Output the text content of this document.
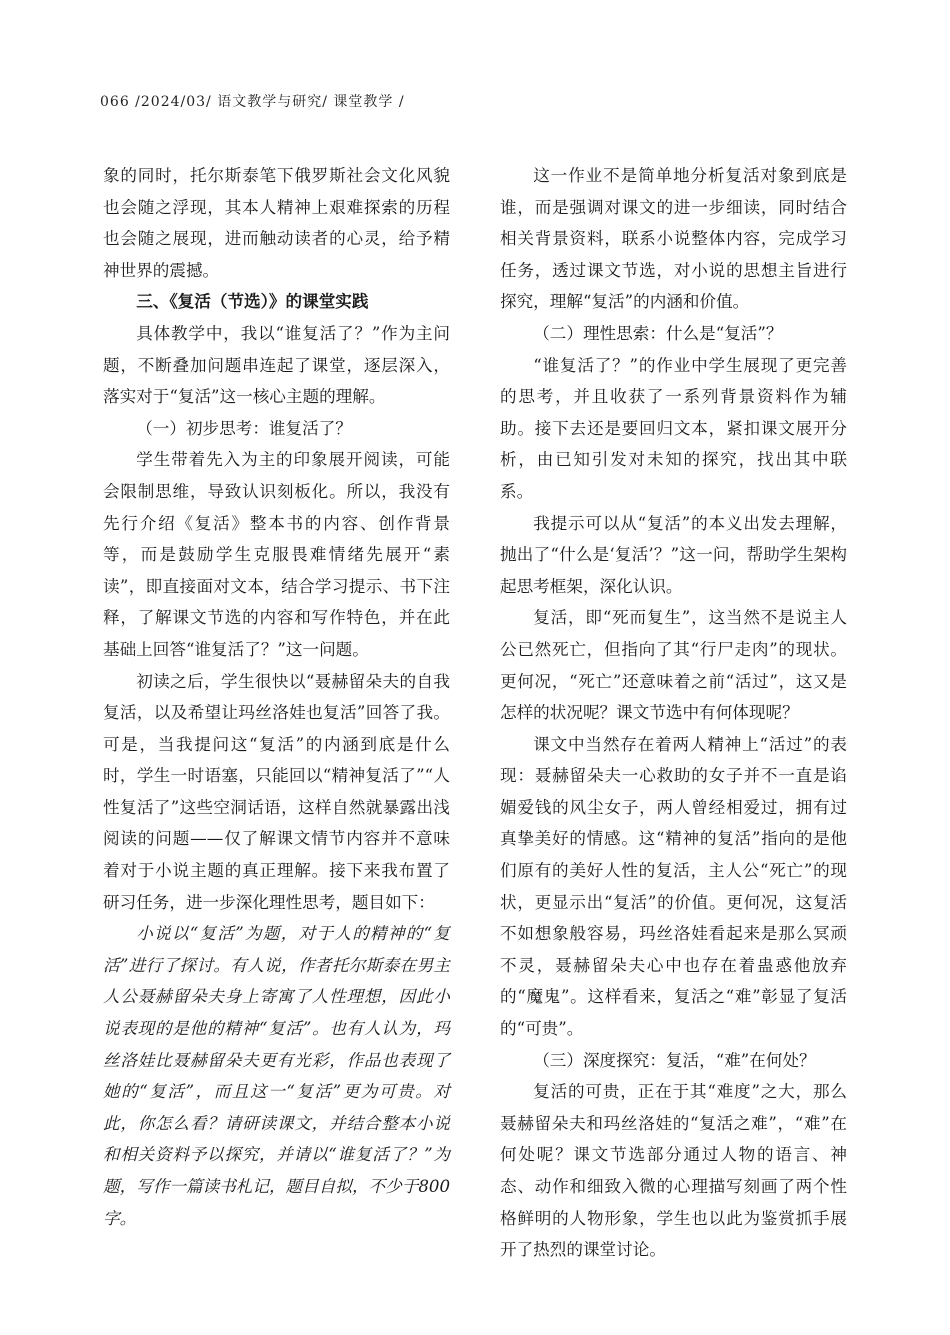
066 /2024/03/ 语文教学与研究/ 课堂教学 /

象的同时，托尔斯泰笔下俄罗斯社会文化风貌也会随之浮现，其本人精神上艰难探索的历程也会随之展现，进而触动读者的心灵，给予精神世界的震撼。

三、《复活（节选）》的课堂实践

具体教学中，我以“谁复活了？”作为主问题，不断叠加问题串连起了课堂，逐层深入，落实对于“复活”这一核心主题的理解。

（一）初步思考：谁复活了？

学生带着先入为主的印象展开阅读，可能会限制思维，导致认识刻板化。所以，我没有先行介绍《复活》整本书的内容、创作背景等，而是鼓励学生克服畏难情绪先展开“素读”，即直接面对文本，结合学习提示、书下注释，了解课文节选的内容和写作特色，并在此基础上回答“谁复活了？”这一问题。

初读之后，学生很快以“聂赫留朵夫的自我复活，以及希望让玛丝洛娃也复活”回答了我。可是，当我提问这“复活”的内涵到底是什么时，学生一时语塞，只能回以“精神复活了”“人性复活了”这些空洞话语，这样自然就暴露出浅阅读的问题——仅了解课文情节内容并不意味着对于小说主题的真正理解。接下来我布置了研习任务，进一步深化理性思考，题目如下：

小说以“复活”为题，对于人的精神的“复活”进行了探讨。有人说，作者托尔斯泰在男主人公聂赫留朵夫身上寄寓了人性理想，因此小说表现的是他的精神“复活”。也有人认为，玛丝洛娃比聂赫留朵夫更有光彩，作品也表现了她的“复活”，而且这一“复活”更为可贵。对此，你怎么看？请研读课文，并结合整本小说和相关资料予以探究，并请以“谁复活了？”为题，写作一篇读书札记，题目自拟，不少于800字。

这一作业不是简单地分析复活对象到底是谁，而是强调对课文的进一步细读，同时结合相关背景资料，联系小说整体内容，完成学习任务，透过课文节选，对小说的思想主旨进行探究，理解“复活”的内涵和价值。

（二）理性思索：什么是“复活”？

“谁复活了？”的作业中学生展现了更完善的思考，并且收获了一系列背景资料作为辅助。接下去还是要回归文本，紧扣课文展开分析，由已知引发对未知的探究，找出其中联系。

我提示可以从“复活”的本义出发去理解，抛出了“什么是‘复活’？”这一问，帮助学生架构起思考框架，深化认识。

复活，即“死而复生”，这当然不是说主人公已然死亡，但指向了其“行尸走肉”的现状。更何况，“死亡”还意味着之前“活过”，这又是怎样的状况呢？课文节选中有何体现呢？

课文中当然存在着两人精神上“活过”的表现：聂赫留朵夫一心救助的女子并不一直是谄媚爱钱的风尘女子，两人曾经相爱过，拥有过真挚美好的情感。这“精神的复活”指向的是他们原有的美好人性的复活，主人公“死亡”的现状，更显示出“复活”的价值。更何况，这复活不如想象般容易，玛丝洛娃看起来是那么冥顽不灵，聂赫留朵夫心中也存在着蛊惑他放弃的“魔鬼”。这样看来，复活之“难”彰显了复活的“可贵”。

（三）深度探究：复活，“难”在何处？

复活的可贵，正在于其“难度”之大，那么聂赫留朵夫和玛丝洛娃的“复活之难”，“难”在何处呢？课文节选部分通过人物的语言、神态、动作和细致入微的心理描写刻画了两个性格鲜明的人物形象，学生也以此为鉴赏抓手展开了热烈的课堂讨论。
